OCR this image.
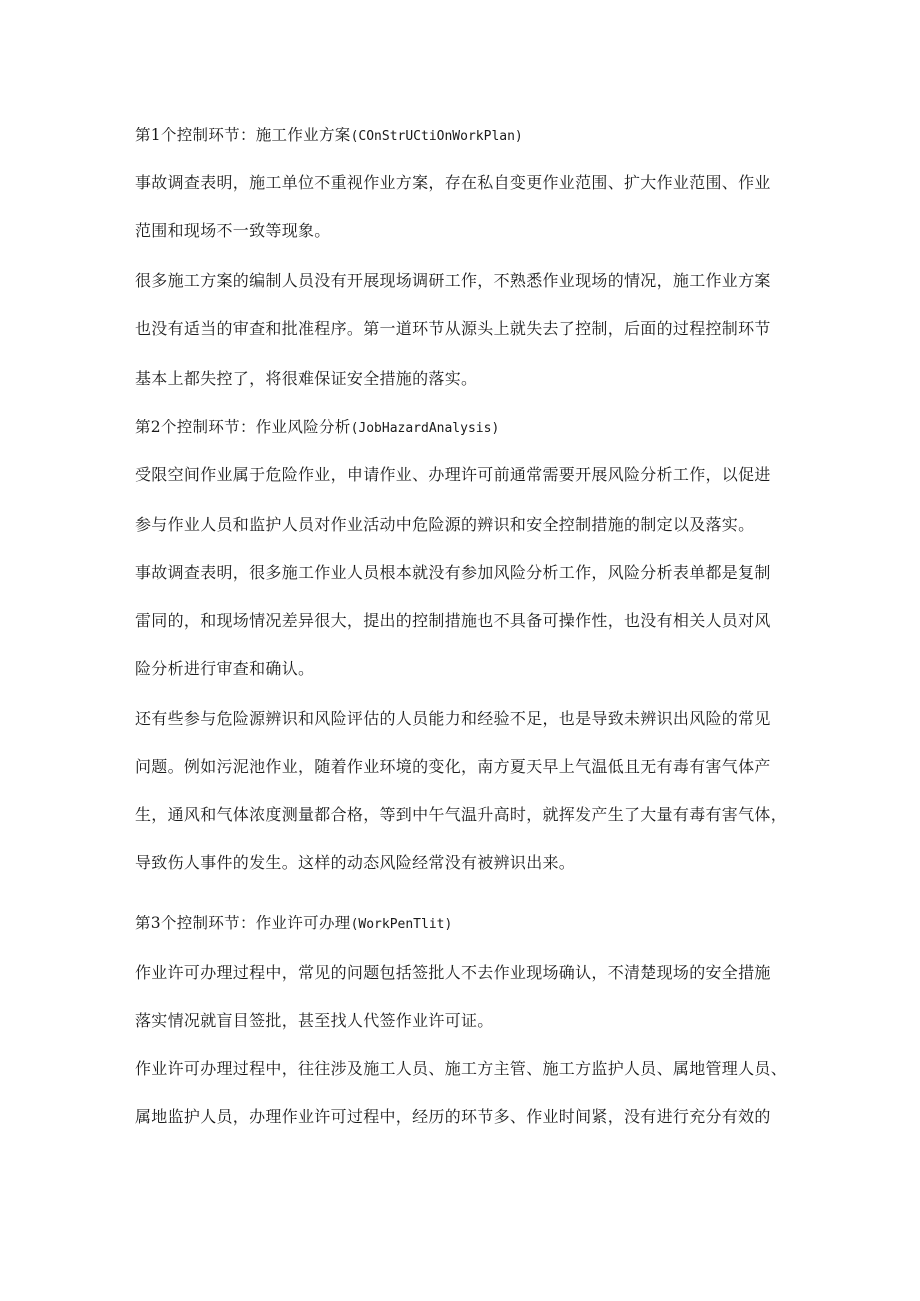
第1个控制环节：施工作业方案(COnStrUCtiOnWorkPlan)
事故调查表明，施工单位不重视作业方案，存在私自变更作业范围、扩大作业范围、作业
范围和现场不一致等现象。
很多施工方案的编制人员没有开展现场调研工作，不熟悉作业现场的情况，施工作业方案
也没有适当的审查和批准程序。第一道环节从源头上就失去了控制，后面的过程控制环节
基本上都失控了，将很难保证安全措施的落实。
第2个控制环节：作业风险分析(JobHazardAnalysis)
受限空间作业属于危险作业，申请作业、办理许可前通常需要开展风险分析工作，以促进
参与作业人员和监护人员对作业活动中危险源的辨识和安全控制措施的制定以及落实。
事故调查表明，很多施工作业人员根本就没有参加风险分析工作，风险分析表单都是复制
雷同的，和现场情况差异很大，提出的控制措施也不具备可操作性，也没有相关人员对风
险分析进行审查和确认。
还有些参与危险源辨识和风险评估的人员能力和经验不足，也是导致未辨识出风险的常见
问题。例如污泥池作业，随着作业环境的变化，南方夏天早上气温低且无有毒有害气体产
生，通风和气体浓度测量都合格，等到中午气温升高时，就挥发产生了大量有毒有害气体，
导致伤人事件的发生。这样的动态风险经常没有被辨识出来。
第3个控制环节：作业许可办理(WorkPenTlit)
作业许可办理过程中，常见的问题包括签批人不去作业现场确认，不清楚现场的安全措施
落实情况就盲目签批，甚至找人代签作业许可证。
作业许可办理过程中，往往涉及施工人员、施工方主管、施工方监护人员、属地管理人员、
属地监护人员，办理作业许可过程中，经历的环节多、作业时间紧，没有进行充分有效的
